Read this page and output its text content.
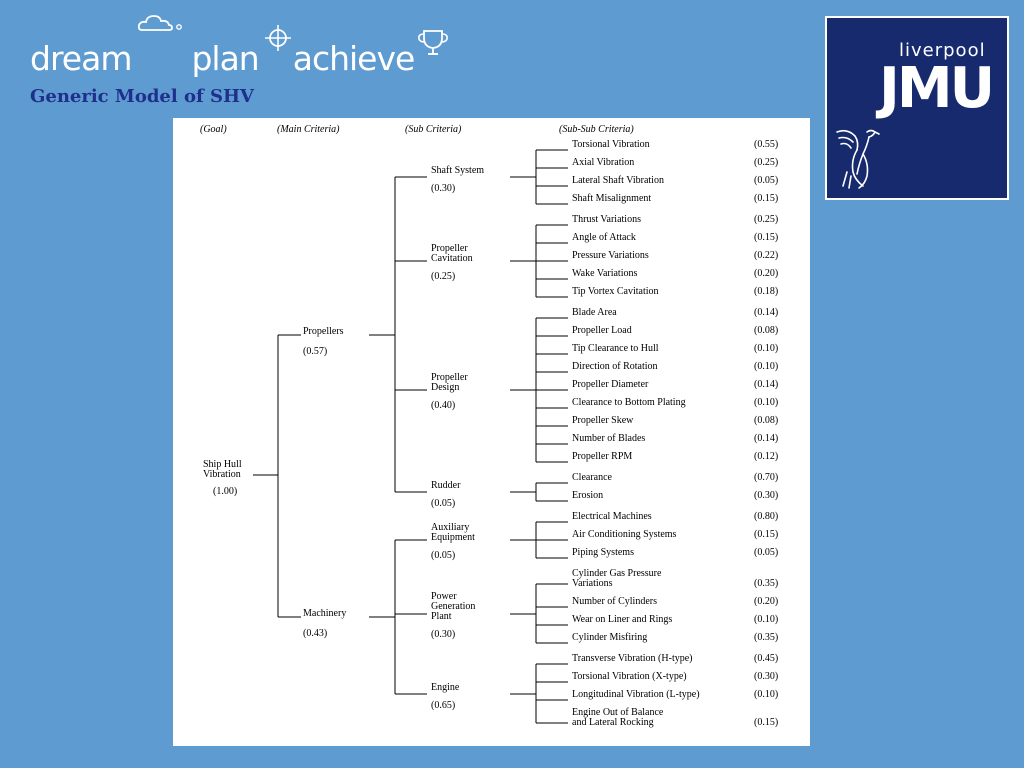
dream plan achieve
Generic Model of SHV
liverpool
JMU
(Goal)	(Main Criteria)	(Sub Criteria)	(Sub-Sub Criteria)
Torsional Vibration	(0.55)
Axial Vibration	(0.25)
Lateral Shaft Vibration	(0.05)
Shaft Misalignment	(0.15)
Shaft System
(0.30)
Thrust Variations	(0.25)
Angle of Attack	(0.15)
Pressure Variations	(0.22)
Wake Variations	(0.20)
Tip Vortex Cavitation	(0.18)
Propeller
Cavitation
(0.25)
Blade Area	(0.14)
Propeller Load	(0.08)
Tip Clearance to Hull	(0.10)
Direction of Rotation	(0.10)
Propeller Diameter	(0.14)
Clearance to Bottom Plating	(0.10)
Propeller Skew	(0.08)
Number of Blades	(0.14)
Propeller RPM	(0.12)
Propeller
Design
(0.40)
Clearance	(0.70)
Erosion	(0.30)
Rudder
(0.05)
Propellers
(0.57)
Electrical Machines	(0.80)
Air Conditioning Systems	(0.15)
Piping Systems	(0.05)
Auxiliary
Equipment
(0.05)
Cylinder Gas Pressure
Variations	(0.35)
Number of Cylinders	(0.20)
Wear on Liner and Rings	(0.10)
Cylinder Misfiring	(0.35)
Power
Generation
Plant
(0.30)
Transverse Vibration (H-type)	(0.45)
Torsional Vibration (X-type)	(0.30)
Longitudinal Vibration (L-type)	(0.10)
Engine Out of Balance
and Lateral Rocking	(0.15)
Engine
(0.65)
Machinery
(0.43)
Ship Hull
Vibration
(1.00)
